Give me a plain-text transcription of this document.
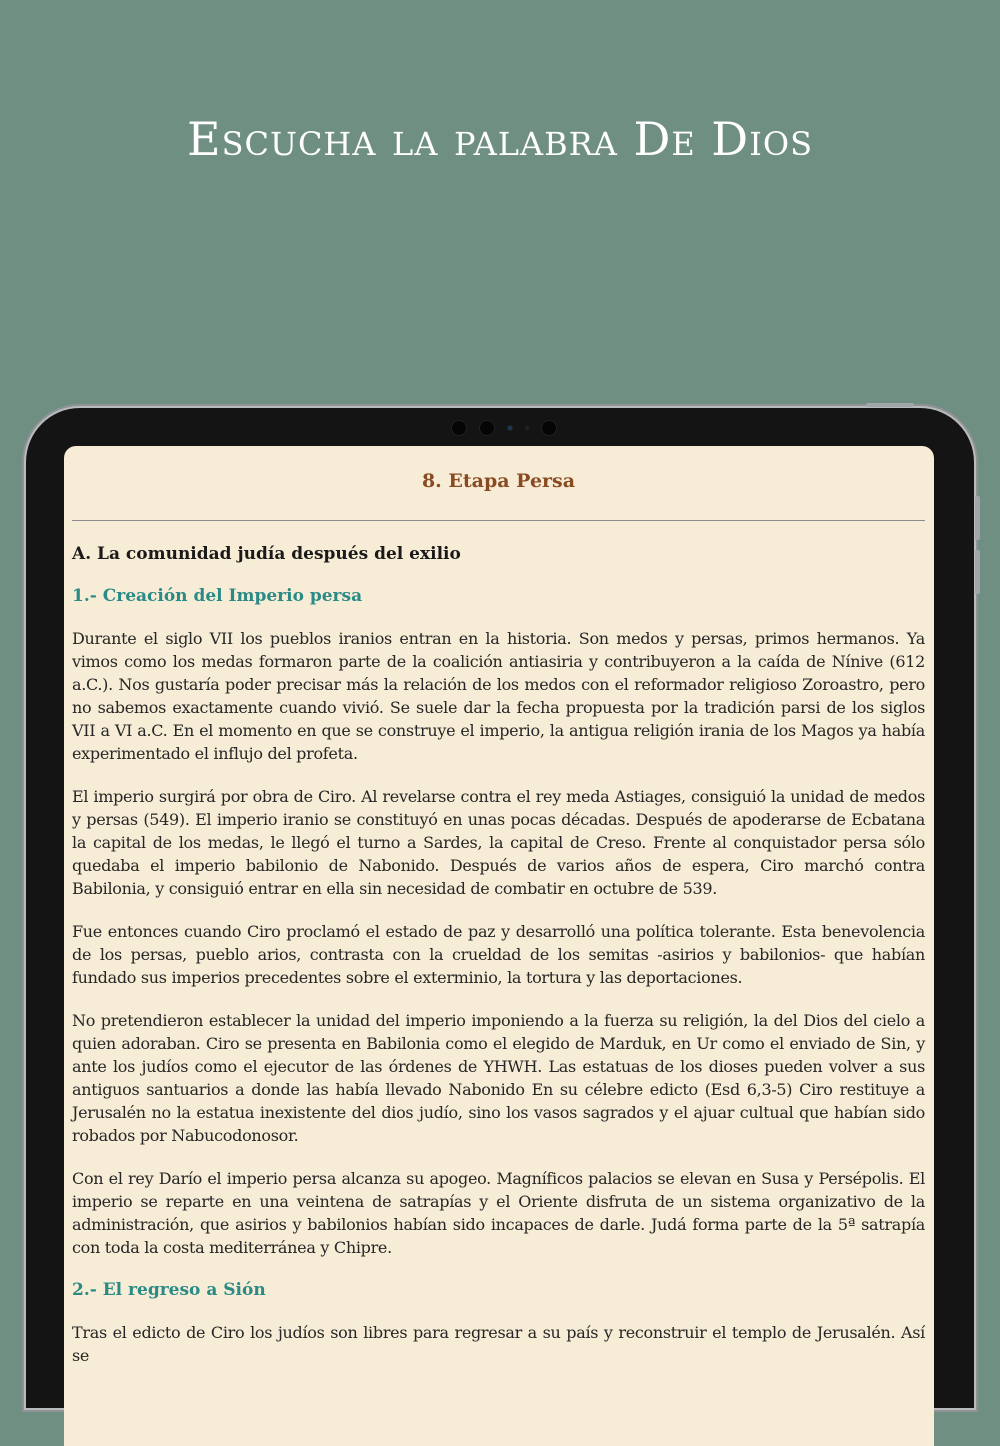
Escucha la palabra De Dios
8. Etapa Persa
A. La comunidad judía después del exilio
1.- Creación del Imperio persa

Durante el siglo VII los pueblos iranios entran en la historia. Son medos y persas, primos hermanos. Ya vimos como los medas formaron parte de la coalición antiasiria y contribuyeron a la caída de Nínive (612 a.C.). Nos gustaría poder precisar más la relación de los medos con el reformador religioso Zoroastro, pero no sabemos exactamente cuando vivió. Se suele dar la fecha propuesta por la tradición parsi de los siglos VII a VI a.C. En el momento en que se construye el imperio, la antigua religión irania de los Magos ya había experimentado el influjo del profeta.

El imperio surgirá por obra de Ciro. Al revelarse contra el rey meda Astiages, consiguió la unidad de medos y persas (549). El imperio iranio se constituyó en unas pocas décadas. Después de apoderarse de Ecbatana la capital de los medas, le llegó el turno a Sardes, la capital de Creso. Frente al conquistador persa sólo quedaba el imperio babilonio de Nabonido. Después de varios años de espera, Ciro marchó contra Babilonia, y consiguió entrar en ella sin necesidad de combatir en octubre de 539.

Fue entonces cuando Ciro proclamó el estado de paz y desarrolló una política tolerante. Esta benevolencia de los persas, pueblo arios, contrasta con la crueldad de los semitas -asirios y babilonios- que habían fundado sus imperios precedentes sobre el exterminio, la tortura y las deportaciones.

No pretendieron establecer la unidad del imperio imponiendo a la fuerza su religión, la del Dios del cielo a quien adoraban. Ciro se presenta en Babilonia como el elegido de Marduk, en Ur como el enviado de Sin, y ante los judíos como el ejecutor de las órdenes de YHWH. Las estatuas de los dioses pueden volver a sus antiguos santuarios a donde las había llevado Nabonido En su célebre edicto (Esd 6,3-5) Ciro restituye a Jerusalén no la estatua inexistente del dios judío, sino los vasos sagrados y el ajuar cultual que habían sido robados por Nabucodonosor.

Con el rey Darío el imperio persa alcanza su apogeo. Magníficos palacios se elevan en Susa y Persépolis. El imperio se reparte en una veintena de satrapías y el Oriente disfruta de un sistema organizativo de la administración, que asirios y babilonios habían sido incapaces de darle. Judá forma parte de la 5ª satrapía con toda la costa mediterránea y Chipre.

2.- El regreso a Sión

Tras el edicto de Ciro los judíos son libres para regresar a su país y reconstruir el templo de Jerusalén. Así se
